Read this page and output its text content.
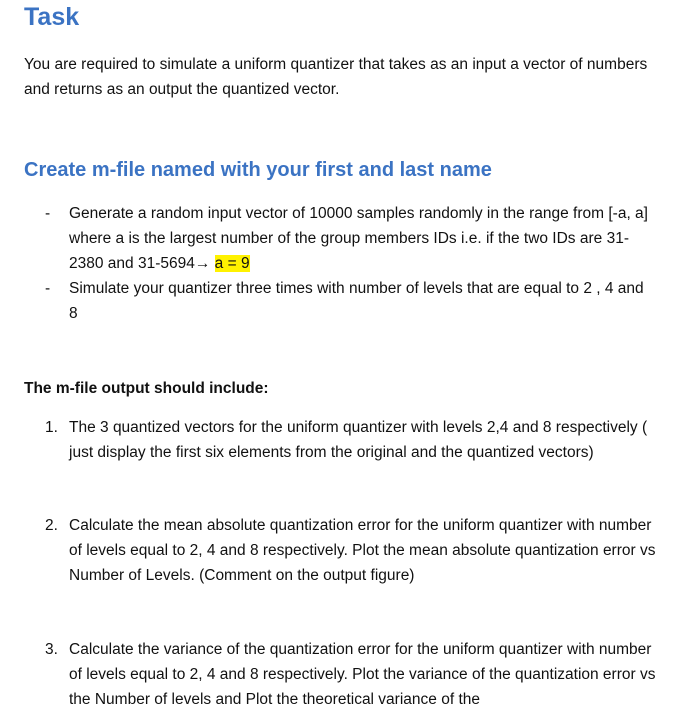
Task

You are required to simulate a uniform quantizer that takes as an input a vector of numbers and returns as an output the quantized vector.

Create m-file named with your first and last name
- Generate a random input vector of 10000 samples randomly in the range from [-a, a] where a is the largest number of the group members IDs i.e. if the two IDs are 31-2380 and 31-5694→ a = 9
- Simulate your quantizer three times with number of levels that are equal to 2 , 4 and 8
The m-file output should include:
1. The 3 quantized vectors for the uniform quantizer with levels 2,4 and 8 respectively ( just display the first six elements from the original and the quantized vectors)
2. Calculate the mean absolute quantization error for the uniform quantizer with number of levels equal to 2, 4 and 8 respectively. Plot the mean absolute quantization error vs Number of Levels. (Comment on the output figure)
3. Calculate the variance of the quantization error for the uniform quantizer with number of levels equal to 2, 4 and 8 respectively. Plot the variance of the quantization error vs the Number of levels and Plot the theoretical variance of the
